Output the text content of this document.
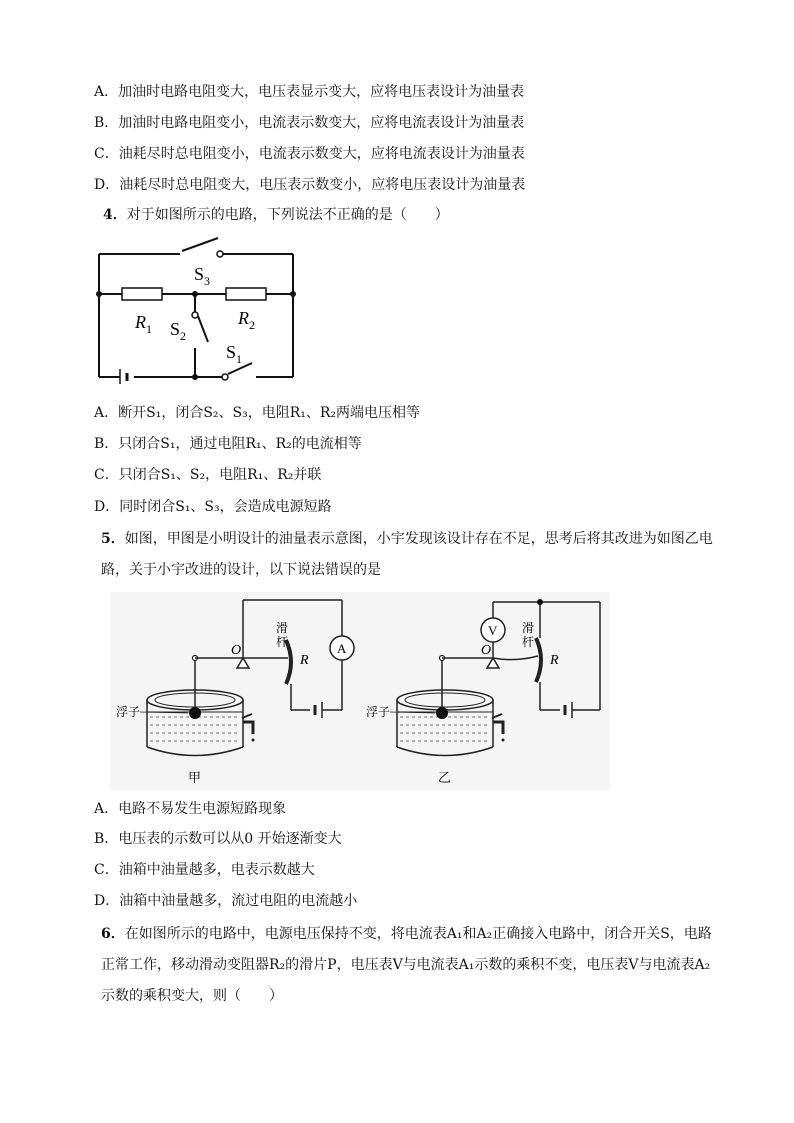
A．加油时电路电阻变大，电压表显示变大，应将电压表设计为油量表
B．加油时电路电阻变小，电流表示数变大，应将电流表设计为油量表
C．油耗尽时总电阻变小，电流表示数变大，应将电流表设计为油量表
D．油耗尽时总电阻变大，电压表示数变小，应将电压表设计为油量表
4．对于如图所示的电路，下列说法不正确的是（　　）
$S_3$
$R_1$
$R_2$
$S_2$
$S_1$
A．断开S₁，闭合S₂、S₃，电阻R₁、R₂两端电压相等
B．只闭合S₁，通过电阻R₁、R₂的电流相等
C．只闭合S₁、S₂，电阻R₁、R₂并联
D．同时闭合S₁、S₃，会造成电源短路
5．如图，甲图是小明设计的油量表示意图，小宇发现该设计存在不足，思考后将其改进为如图乙电
路，关于小宇改进的设计，以下说法错误的是
浮子
O
滑
杆
R
A
浮子
O
滑
杆
R
V
甲	乙
A．电路不易发生电源短路现象
B．电压表的示数可以从0 开始逐渐变大
C．油箱中油量越多，电表示数越大
D．油箱中油量越多，流过电阻的电流越小
6．在如图所示的电路中，电源电压保持不变，将电流表A₁和A₂正确接入电路中，闭合开关S，电路
正常工作，移动滑动变阻器R₂的滑片P，电压表V与电流表A₁示数的乘积不变，电压表V与电流表A₂
示数的乘积变大，则（　　）
